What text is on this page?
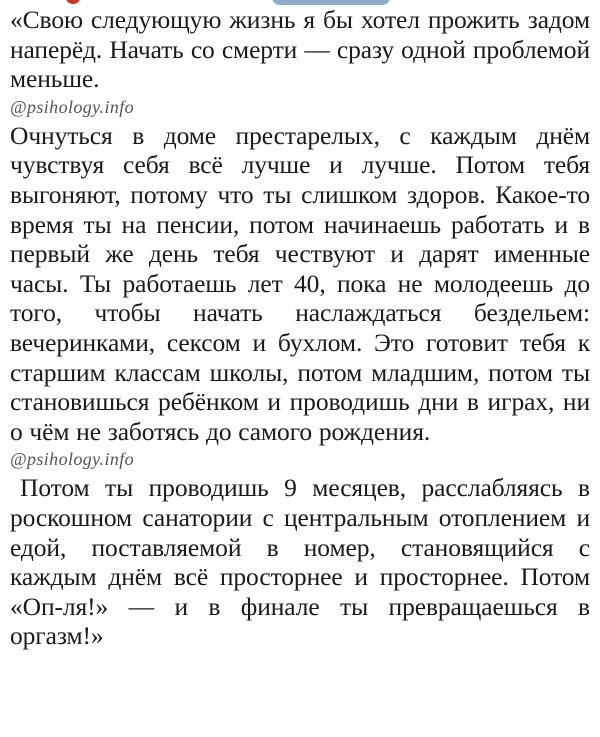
«Свою следующую жизнь я бы хотел прожить задом наперёд. Начать со смерти — сразу одной проблемой меньше.

@psihology.info

Очнуться в доме престарелых, с каждым днём чувствуя себя всё лучше и лучше. Потом тебя выгоняют, потому что ты слишком здоров. Какое-то время ты на пенсии, потом начинаешь работать и в первый же день тебя чествуют и дарят именные часы. Ты работаешь лет 40, пока не молодеешь до того, чтобы начать наслаждаться бездельем: вечеринками, сексом и бухлом. Это готовит тебя к старшим классам школы, потом младшим, потом ты становишься ребёнком и проводишь дни в играх, ни о чём не заботясь до самого рождения.

@psihology.info

Потом ты проводишь 9 месяцев, расслабляясь в роскошном санатории с центральным отоплением и едой, поставляемой в номер, становящийся с каждым днём всё просторнее и просторнее. Потом «Оп-ля!» — и в финале ты превращаешься в оргазм!»
